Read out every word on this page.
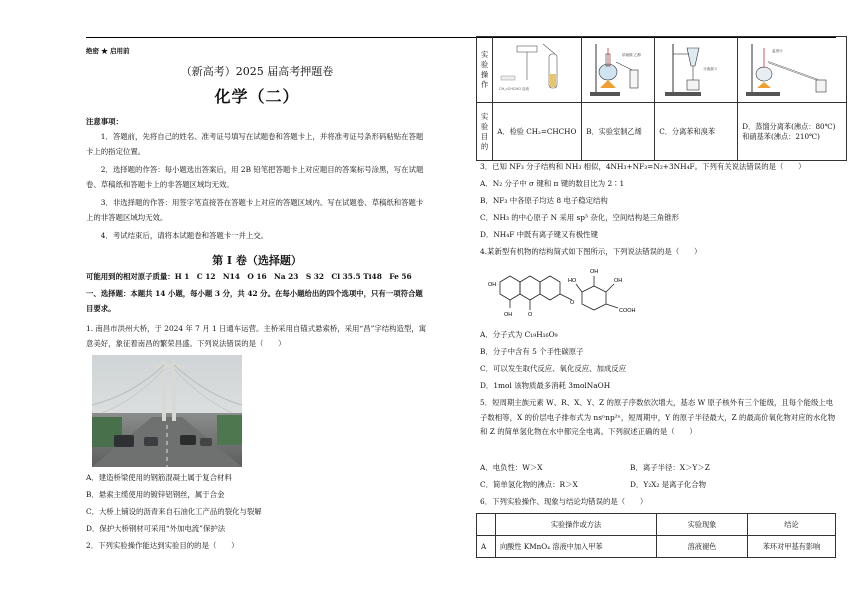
绝密 ★ 启用前
（新高考）2025 届高考押题卷
化学（二）
注意事项：
1．答题前，先将自己的姓名、准考证号填写在试题卷和答题卡上，并将准考证号条形码粘贴在答题卡上的指定位置。
2．选择题的作答：每小题选出答案后，用 2B 铅笔把答题卡上对应题目的答案标号涂黑，写在试题卷、草稿纸和答题卡上的非答题区域均无效。
3．非选择题的作答：用签字笔直接答在答题卡上对应的答题区域内。写在试题卷、草稿纸和答题卡上的非答题区域均无效。
4．考试结束后，请将本试题卷和答题卡一并上交。
第 I 卷（选择题）
可能用到的相对原子质量：H 1　C 12　N14　O 16　Na 23　S 32　Cl 35.5 Ti48　Fe 56
一、选择题：本题共 14 小题，每小题 3 分，共 42 分。在每小题给出的四个选项中，只有一项符合题目要求。
1. 南昌市洪州大桥，于 2024 年 7 月 1 日通车运营。主桥采用自锚式悬索桥，采用“昌”字结构造型，寓意美好，象征着南昌的繁荣昌盛。下列说法错误的是（　　）
A．建造桥梁使用的钢筋混凝土属于复合材料
B．悬索主缆使用的镀锌铝钢丝，属于合金
C．大桥上铺设的沥青来自石油化工产品的裂化与裂解
D．保护大桥钢材可采用“外加电流”保护法
2．下列实验操作能达到实验目的的是（　　）
实验操作	CH₂=CHCHO 溶液	浓硫酸 乙醇	分液漏斗	温度计

实验目的	A．检验 CH₂=CHCHO	B．实验室制乙烯	C．分离苯和溴苯	D．蒸馏分离苯(沸点：80℃)和硝基苯(沸点：210℃)
3．已知 NF₃ 分子结构和 NH₃ 相似，4NH₃+NF₃=N₂+3NH₄F。下列有关说法错误的是（　　）
A．N₂ 分子中 σ 键和 π 键的数目比为 2∶1
B．NF₃ 中各原子均达 8 电子稳定结构
C．NH₃ 的中心原子 N 采用 sp³ 杂化，空间结构是三角锥形
D．NH₄F 中既有离子键又有极性键
4.某新型有机物的结构简式如下图所示，下列说法错误的是（　　）
OH	O
OH
HO	OH
COOH
OH
O
A．分子式为 C₁₉H₁₆O₉
B．分子中含有 5 个手性碳原子
C．可以发生取代反应、氧化反应、加成反应
D．1mol 该物质最多消耗 3molNaOH
5．短周期主族元素 W、R、X、Y、Z 的原子序数依次增大，基态 W 原子核外有三个能级，且每个能级上电子数相等，X 的价层电子排布式为 nsⁿnp²ⁿ，短周期中，Y 的原子半径最大，Z 的最高价氧化物对应的水化物和 Z 的简单氢化物在水中都完全电离。下列叙述正确的是（　　）
A．电负性：W＞X	B．离子半径：X＞Y＞Z
C．简单氢化物的沸点：R＞X	D．Y₂X₂ 是离子化合物
6．下列实验操作、现象与结论均错误的是（　　）
	实验操作或方法	实验现象	结论
A	向酸性 KMnO₄ 溶液中加入甲苯	溶液褪色	苯环对甲基有影响
